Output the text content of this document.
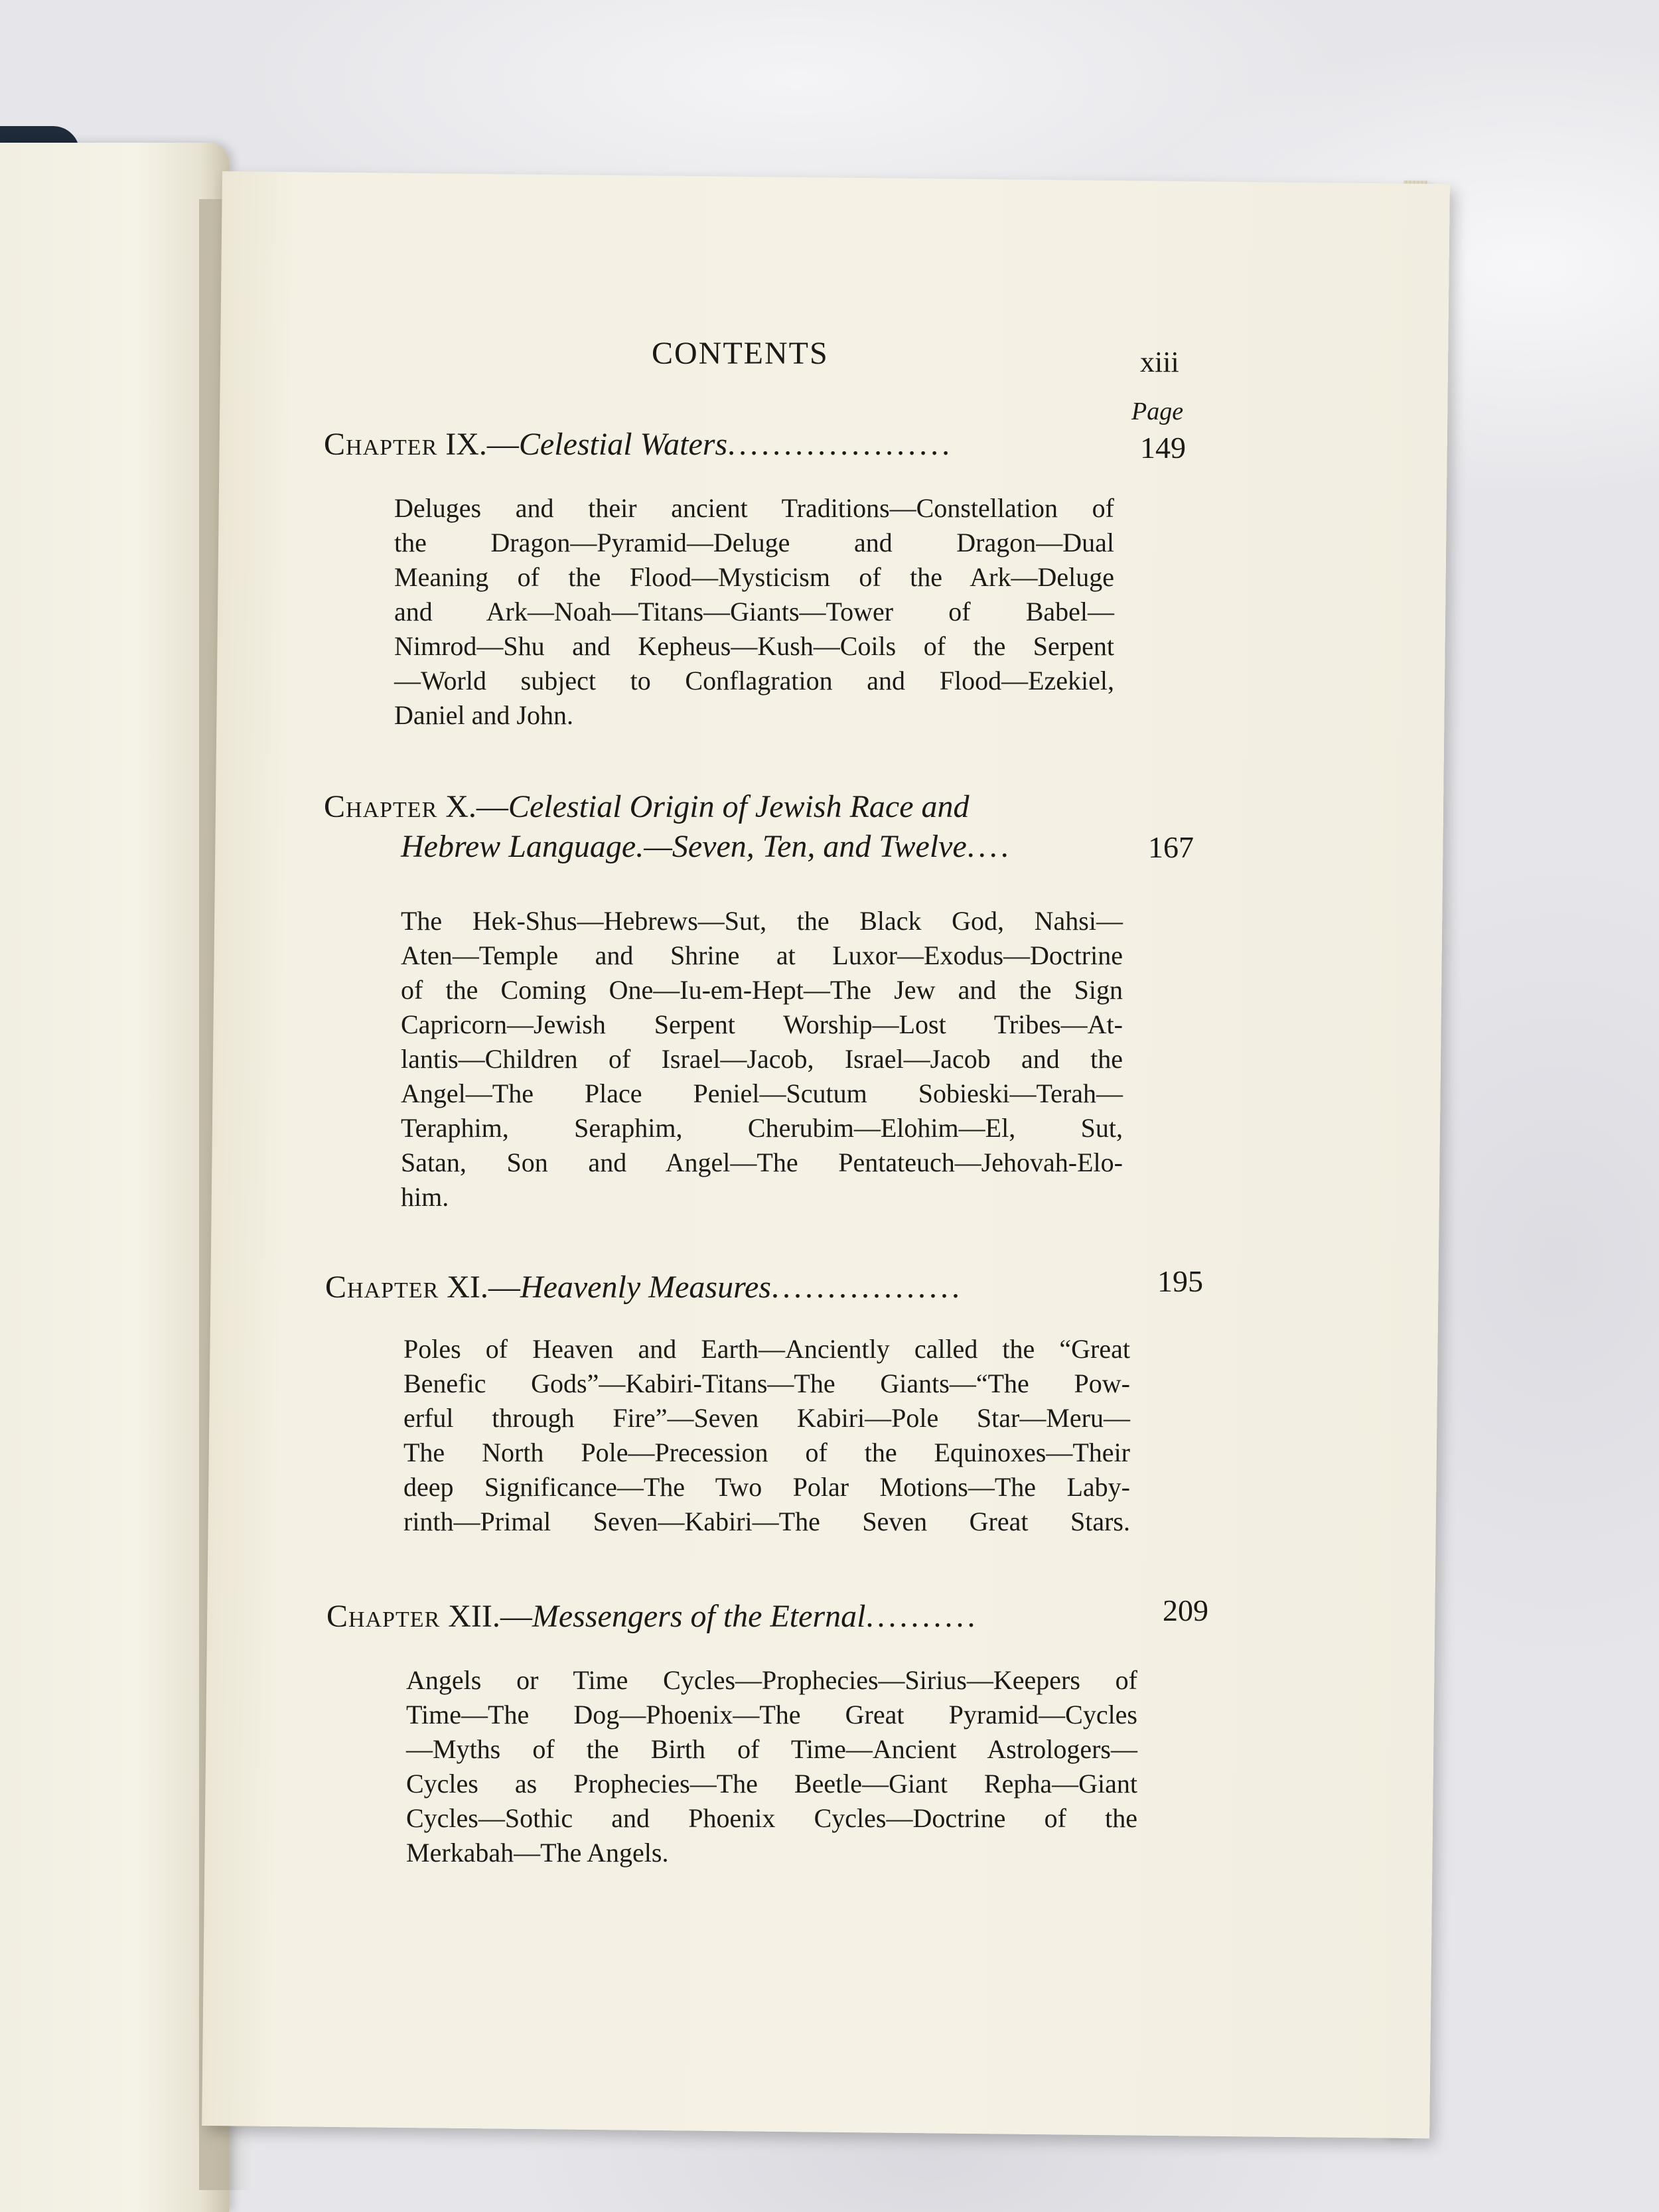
CONTENTS	xiii
Page
Chapter IX.—Celestial Waters....................	149
Deluges and their ancient Traditions—Constellation of
the Dragon—Pyramid—Deluge and Dragon—Dual
Meaning of the Flood—Mysticism of the Ark—Deluge
and Ark—Noah—Titans—Giants—Tower of Babel—
Nimrod—Shu and Kepheus—Kush—Coils of the Serpent
—World subject to Conflagration and Flood—Ezekiel,
Daniel and John.
Chapter X.—Celestial Origin of Jewish Race and
Hebrew Language.—Seven, Ten, and Twelve....	167
The Hek-Shus—Hebrews—Sut, the Black God, Nahsi—
Aten—Temple and Shrine at Luxor—Exodus—Doctrine
of the Coming One—Iu-em-Hept—The Jew and the Sign
Capricorn—Jewish Serpent Worship—Lost Tribes—At-
lantis—Children of Israel—Jacob, Israel—Jacob and the
Angel—The Place Peniel—Scutum Sobieski—Terah—
Teraphim, Seraphim, Cherubim—Elohim—El, Sut,
Satan, Son and Angel—The Pentateuch—Jehovah-Elo-
him.
Chapter XI.—Heavenly Measures.................	195
Poles of Heaven and Earth—Anciently called the “Great
Benefic Gods”—Kabiri-Titans—The Giants—“The Pow-
erful through Fire”—Seven Kabiri—Pole Star—Meru—
The North Pole—Precession of the Equinoxes—Their
deep Significance—The Two Polar Motions—The Laby-
rinth—Primal Seven—Kabiri—The Seven Great Stars.
Chapter XII.—Messengers of the Eternal..........	209
Angels or Time Cycles—Prophecies—Sirius—Keepers of
Time—The Dog—Phoenix—The Great Pyramid—Cycles
—Myths of the Birth of Time—Ancient Astrologers—
Cycles as Prophecies—The Beetle—Giant Repha—Giant
Cycles—Sothic and Phoenix Cycles—Doctrine of the
Merkabah—The Angels.
